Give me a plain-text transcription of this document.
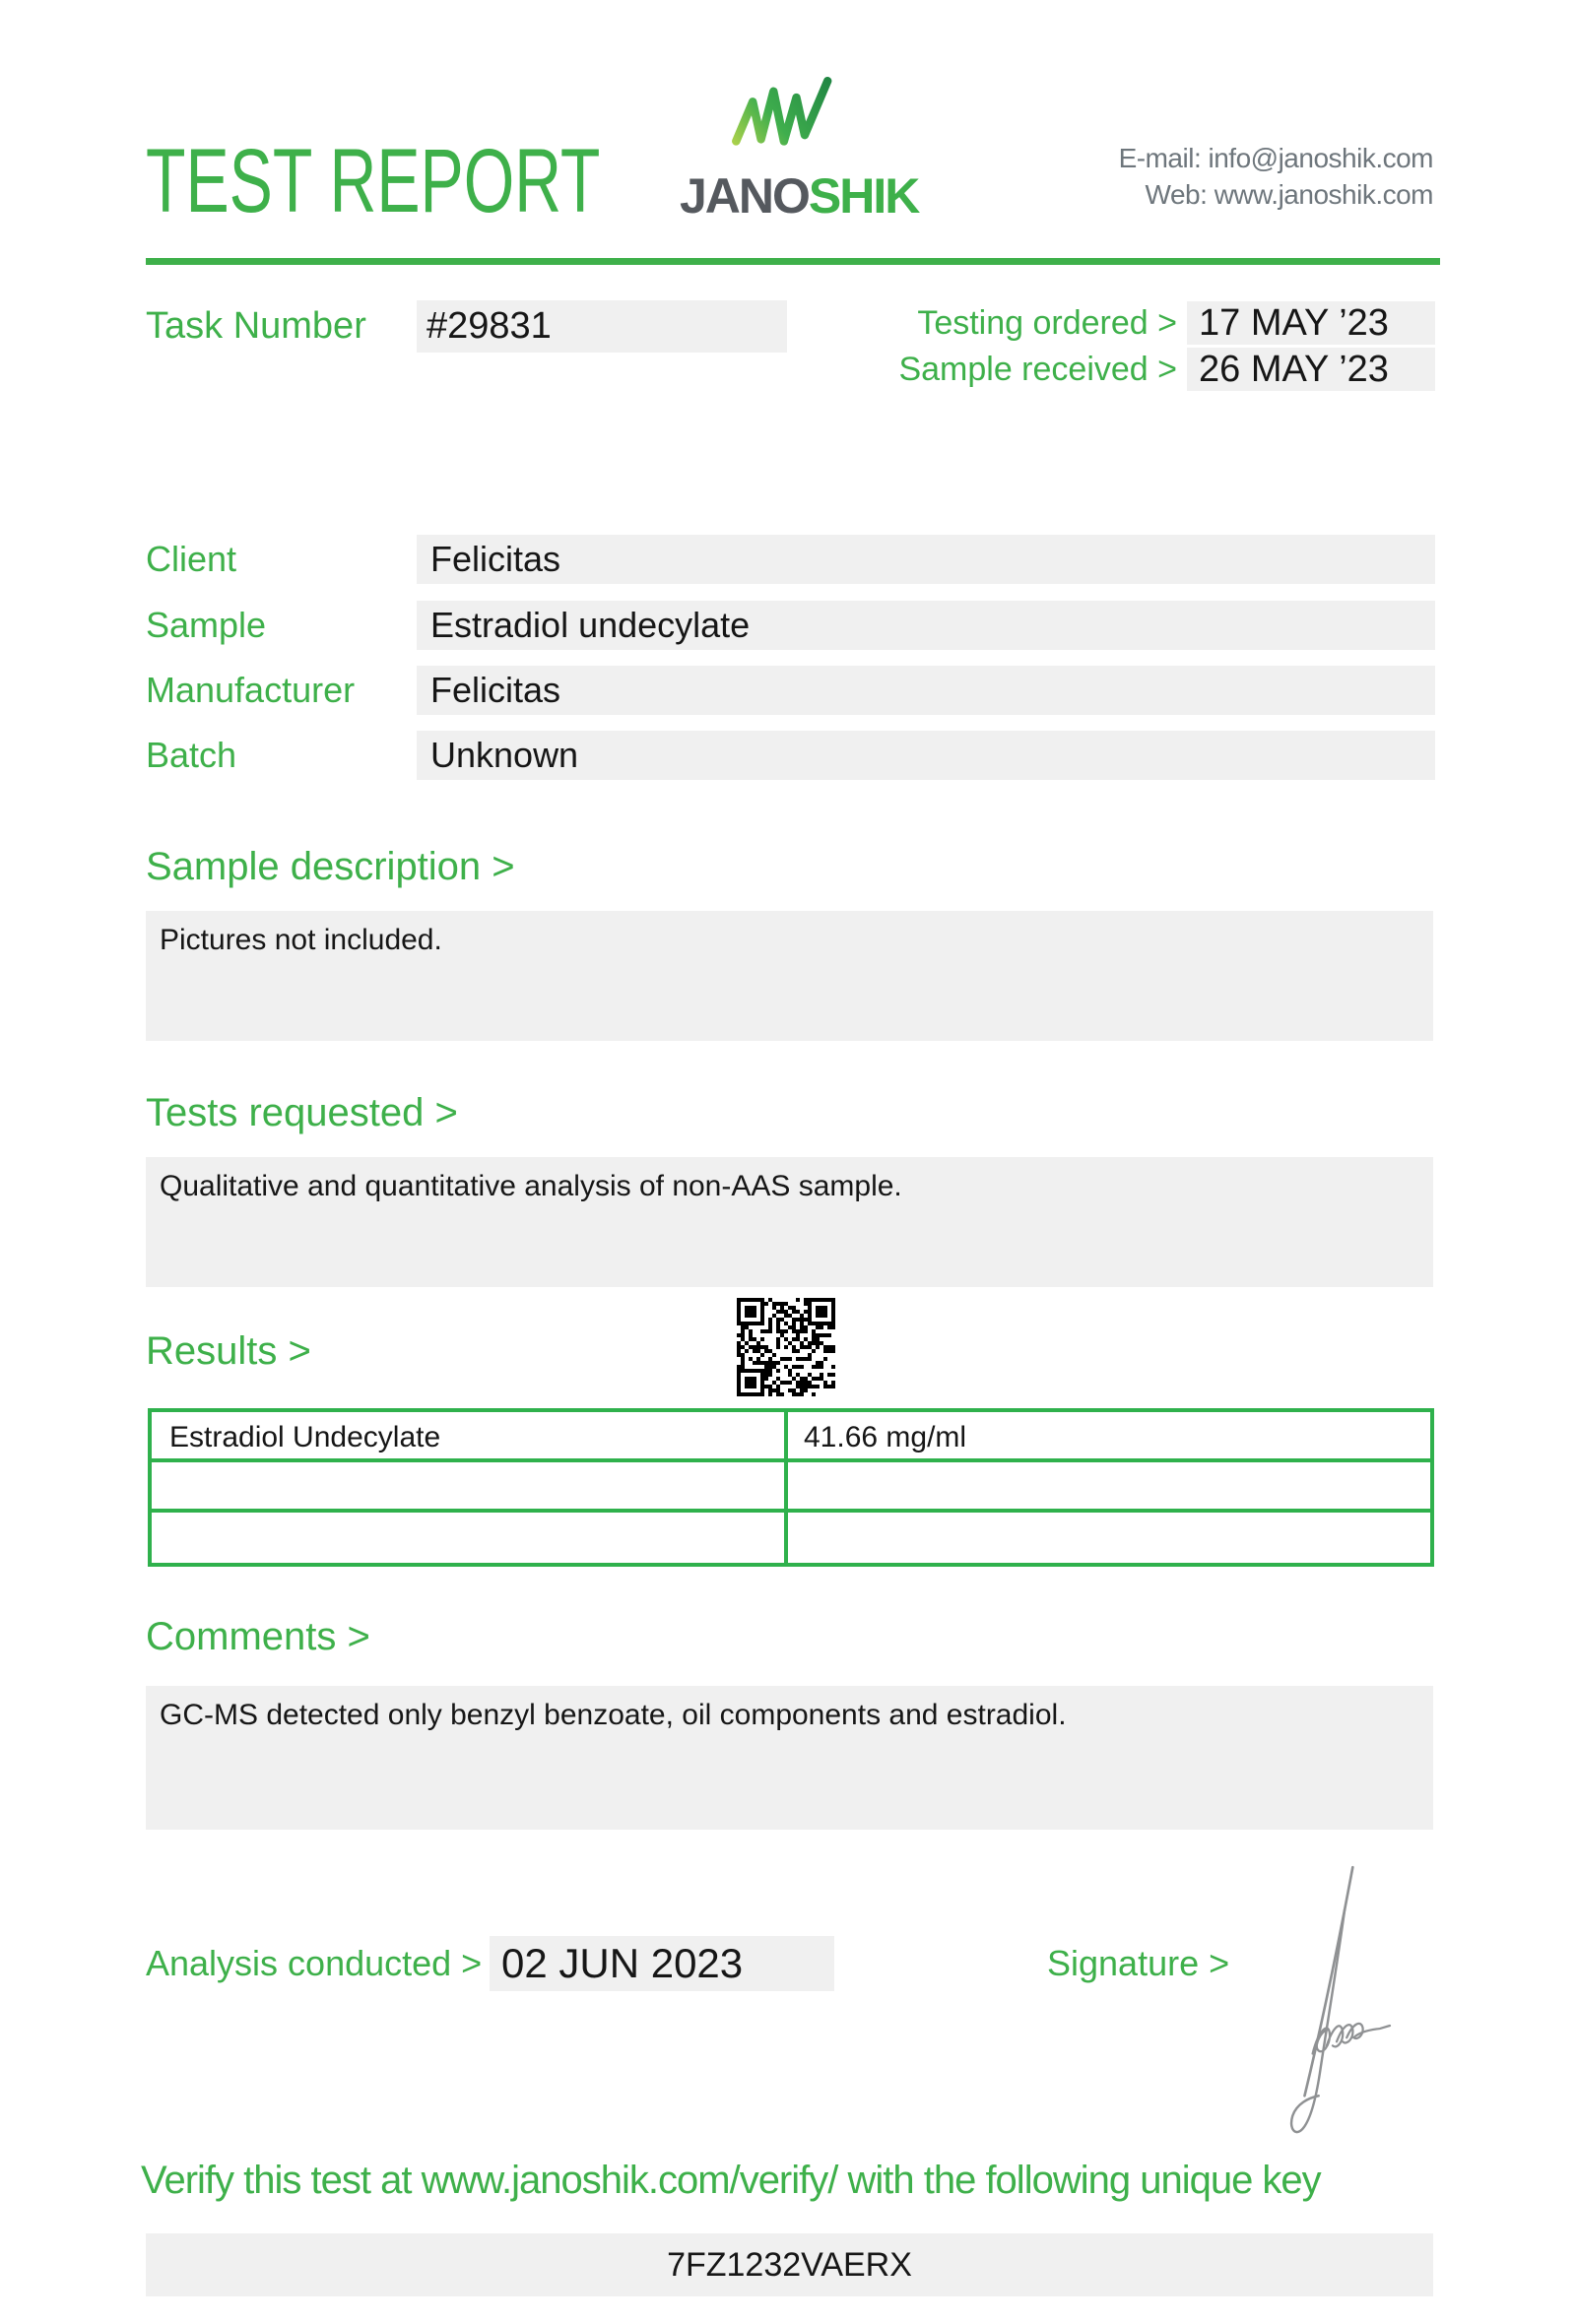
TEST REPORT JANOSHIK
E-mail: info@janoshik.com
Web: www.janoshik.com
Task Number #29831	Testing ordered > 17 MAY ’23
Sample received > 26 MAY ’23
Client	Felicitas
Sample	Estradiol undecylate
Manufacturer	Felicitas
Batch	Unknown
Sample description >
Pictures not included.
Tests requested >
Qualitative and quantitative analysis of non-AAS sample.
Results >
Estradiol Undecylate	41.66 mg/ml
Comments >
GC-MS detected only benzyl benzoate, oil components and estradiol.
Analysis conducted > 02 JUN 2023	Signature >
Verify this test at www.janoshik.com/verify/ with the following unique key
7FZ1232VAERX
